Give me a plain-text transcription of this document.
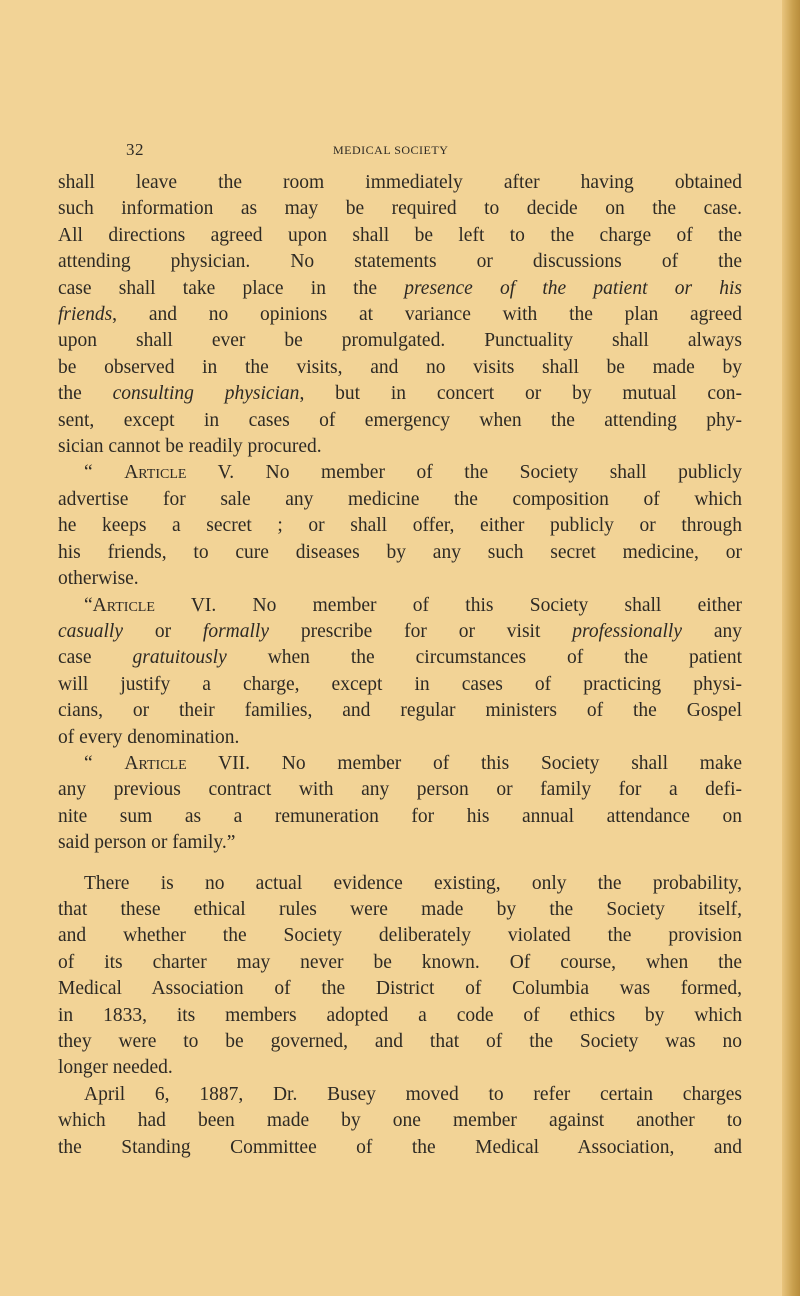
32	MEDICAL SOCIETY
shall leave the room immediately after having obtained
such information as may be required to decide on the case.
All directions agreed upon shall be left to the charge of the
attending physician. No statements or discussions of the
case shall take place in the presence of the patient or his
friends, and no opinions at variance with the plan agreed
upon shall ever be promulgated. Punctuality shall always
be observed in the visits, and no visits shall be made by
the consulting physician, but in concert or by mutual con-
sent, except in cases of emergency when the attending phy-
sician cannot be readily procured.
“ Article V. No member of the Society shall publicly
advertise for sale any medicine the composition of which
he keeps a secret ; or shall offer, either publicly or through
his friends, to cure diseases by any such secret medicine, or
otherwise.
“Article VI. No member of this Society shall either
casually or formally prescribe for or visit professionally any
case gratuitously when the circumstances of the patient
will justify a charge, except in cases of practicing physi-
cians, or their families, and regular ministers of the Gospel
of every denomination.
“ Article VII. No member of this Society shall make
any previous contract with any person or family for a defi-
nite sum as a remuneration for his annual attendance on
said person or family.”
There is no actual evidence existing, only the probability,
that these ethical rules were made by the Society itself,
and whether the Society deliberately violated the provision
of its charter may never be known. Of course, when the
Medical Association of the District of Columbia was formed,
in 1833, its members adopted a code of ethics by which
they were to be governed, and that of the Society was no
longer needed.
April 6, 1887, Dr. Busey moved to refer certain charges
which had been made by one member against another to
the Standing Committee of the Medical Association, and
